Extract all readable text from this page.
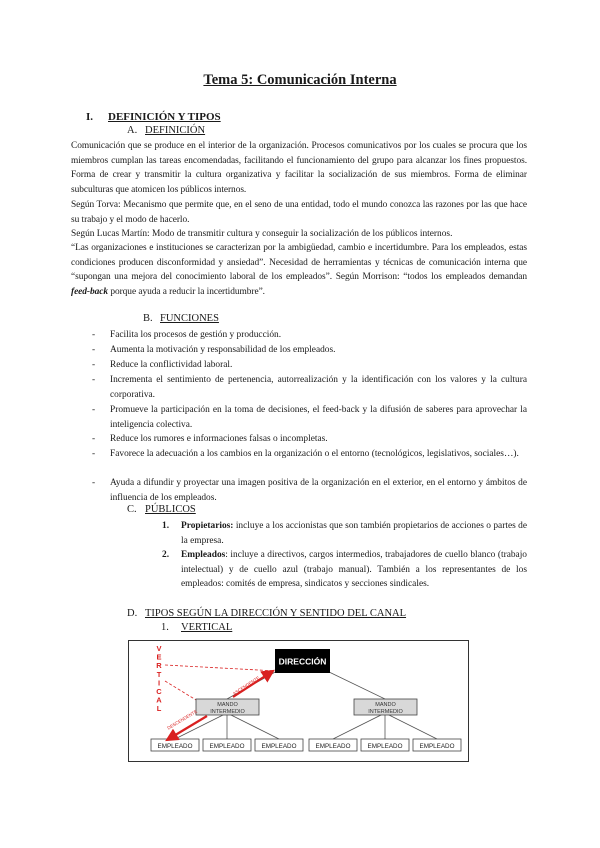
Tema 5: Comunicación Interna
I. DEFINICIÓN Y TIPOS
A. DEFINICIÓN

Comunicación que se produce en el interior de la organización. Procesos comunicativos por los cuales se procura que los miembros cumplan las tareas encomendadas, facilitando el funcionamiento del grupo para alcanzar los fines propuestos. Forma de crear y transmitir la cultura organizativa y facilitar la socialización de sus miembros. Forma de eliminar subculturas que atomicen los públicos internos.

Según Torva: Mecanismo que permite que, en el seno de una entidad, todo el mundo conozca las razones por las que hace su trabajo y el modo de hacerlo.

Según Lucas Martín: Modo de transmitir cultura y conseguir la socialización de los públicos internos.

“Las organizaciones e instituciones se caracterizan por la ambigüedad, cambio e incertidumbre. Para los empleados, estas condiciones producen disconformidad y ansiedad”. Necesidad de herramientas y técnicas de comunicación interna que “supongan una mejora del conocimiento laboral de los empleados”. Según Morrison: “todos los empleados demandan feed-back porque ayuda a reducir la incertidumbre”.

B. FUNCIONES
- Facilita los procesos de gestión y producción.
- Aumenta la motivación y responsabilidad de los empleados.
- Reduce la conflictividad laboral.
- Incrementa el sentimiento de pertenencia, autorrealización y la identificación con los valores y la cultura corporativa.
- Promueve la participación en la toma de decisiones, el feed-back y la difusión de saberes para aprovechar la inteligencia colectiva.
- Reduce los rumores e informaciones falsas o incompletas.
- Favorece la adecuación a los cambios en la organización o el entorno (tecnológicos, legislativos, sociales…).
- Ayuda a difundir y proyectar una imagen positiva de la organización en el exterior, en el entorno y ámbitos de influencia de los empleados.
C. PÚBLICOS
1. Propietarios: incluye a los accionistas que son también propietarios de acciones o partes de la empresa.
2. Empleados: incluye a directivos, cargos intermedios, trabajadores de cuello blanco (trabajo intelectual) y de cuello azul (trabajo manual). También a los representantes de los empleados: comités de empresa, sindicatos y secciones sindicales.
D. TIPOS SEGÚN LA DIRECCIÓN Y SENTIDO DEL CANAL
1. VERTICAL
V
E
R
T
I
C
A
L
DIRECCIÓN
MANDO
INTERMEDIO
MANDO
INTERMEDIO
EMPLEADO	EMPLEADO	EMPLEADO	EMPLEADO	EMPLEADO	EMPLEADO
ASCENDENTE
DESCENDENTE
